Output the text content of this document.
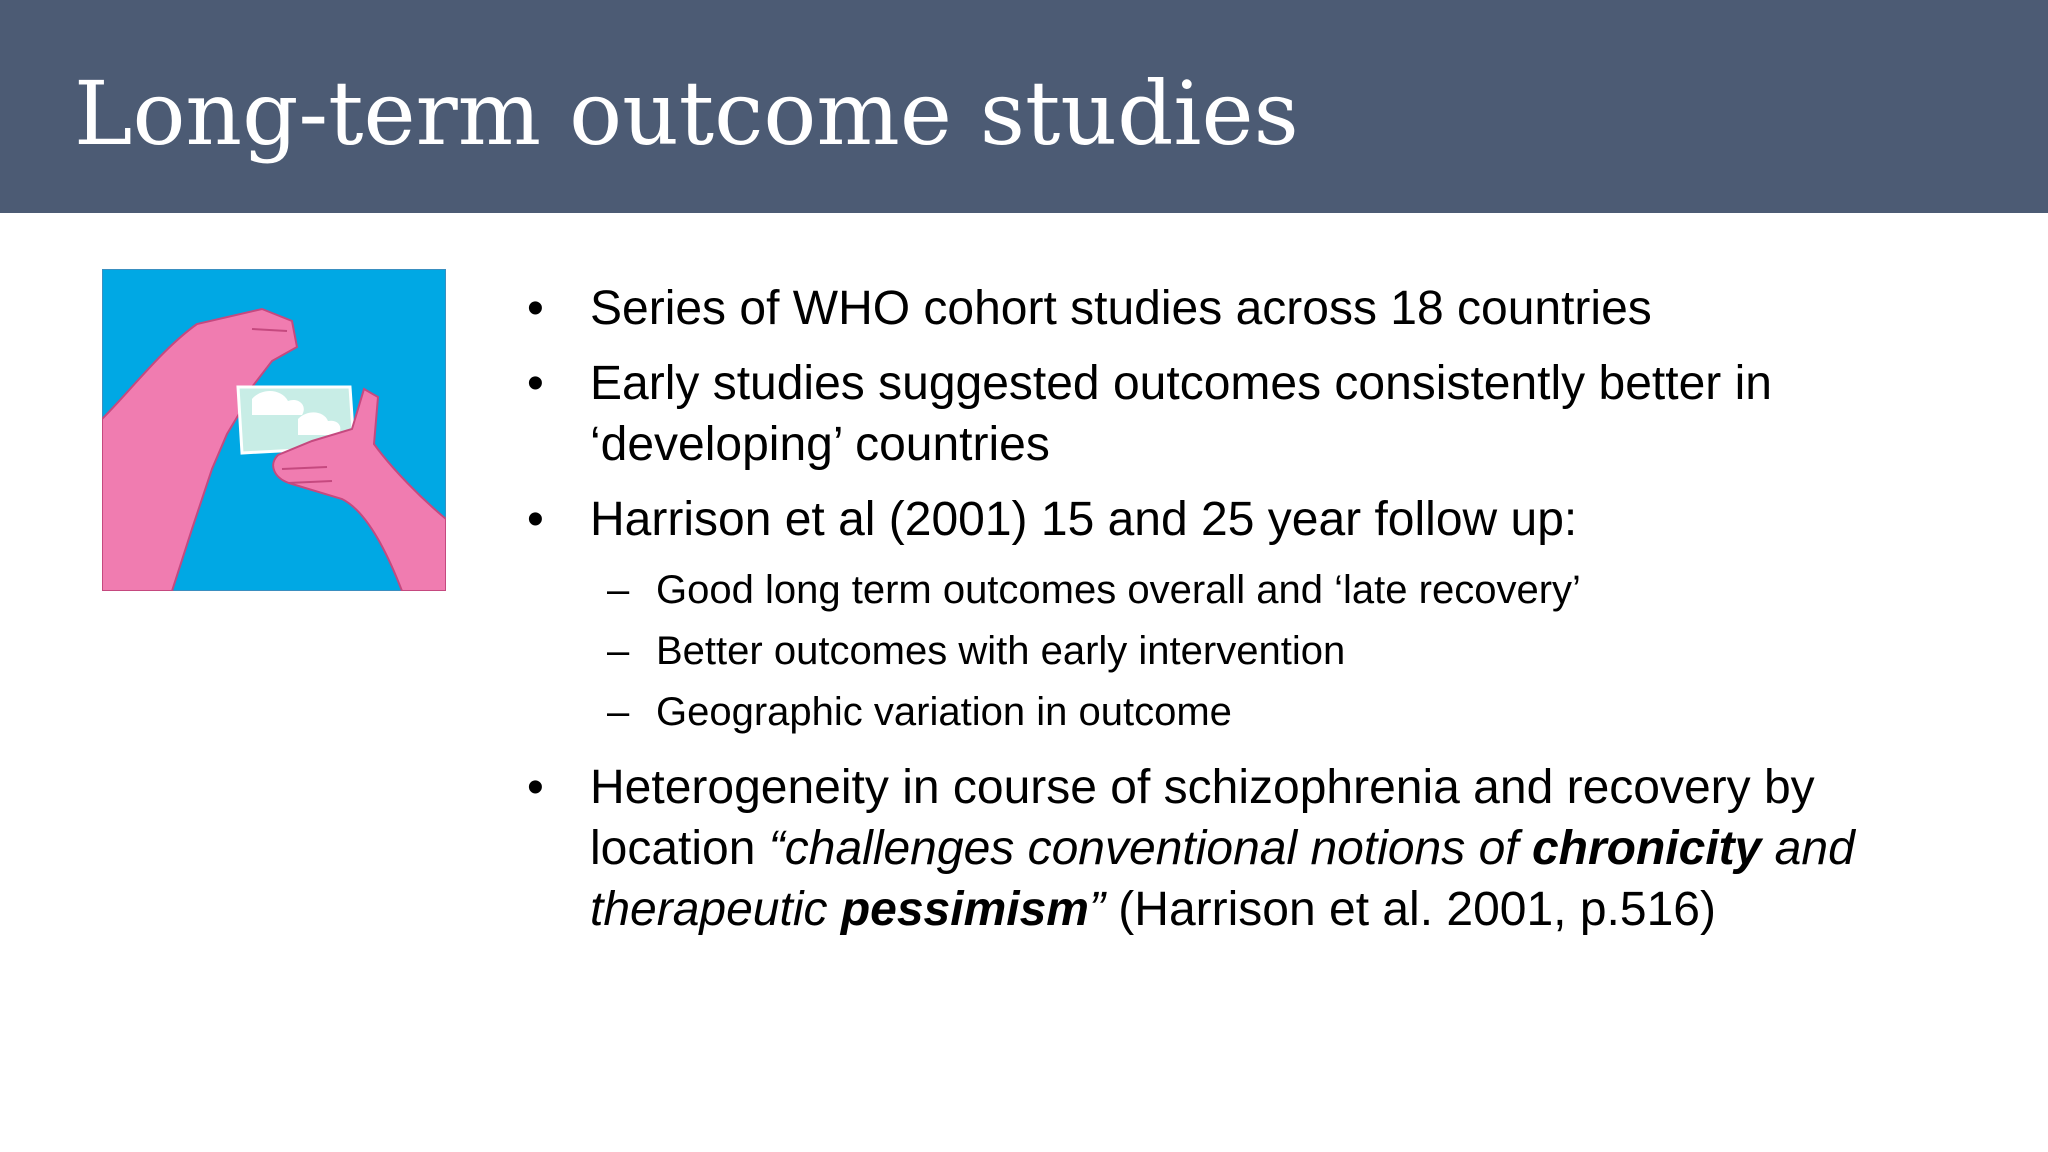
Long-term outcome studies
• Series of WHO cohort studies across 18 countries
• Early studies suggested outcomes consistently better in ‘developing’ countries
• Harrison et al (2001) 15 and 25 year follow up:
– Good long term outcomes overall and ‘late recovery’
– Better outcomes with early intervention
– Geographic variation in outcome
• Heterogeneity in course of schizophrenia and recovery by location “challenges conventional notions of chronicity and therapeutic pessimism” (Harrison et al. 2001, p.516)
